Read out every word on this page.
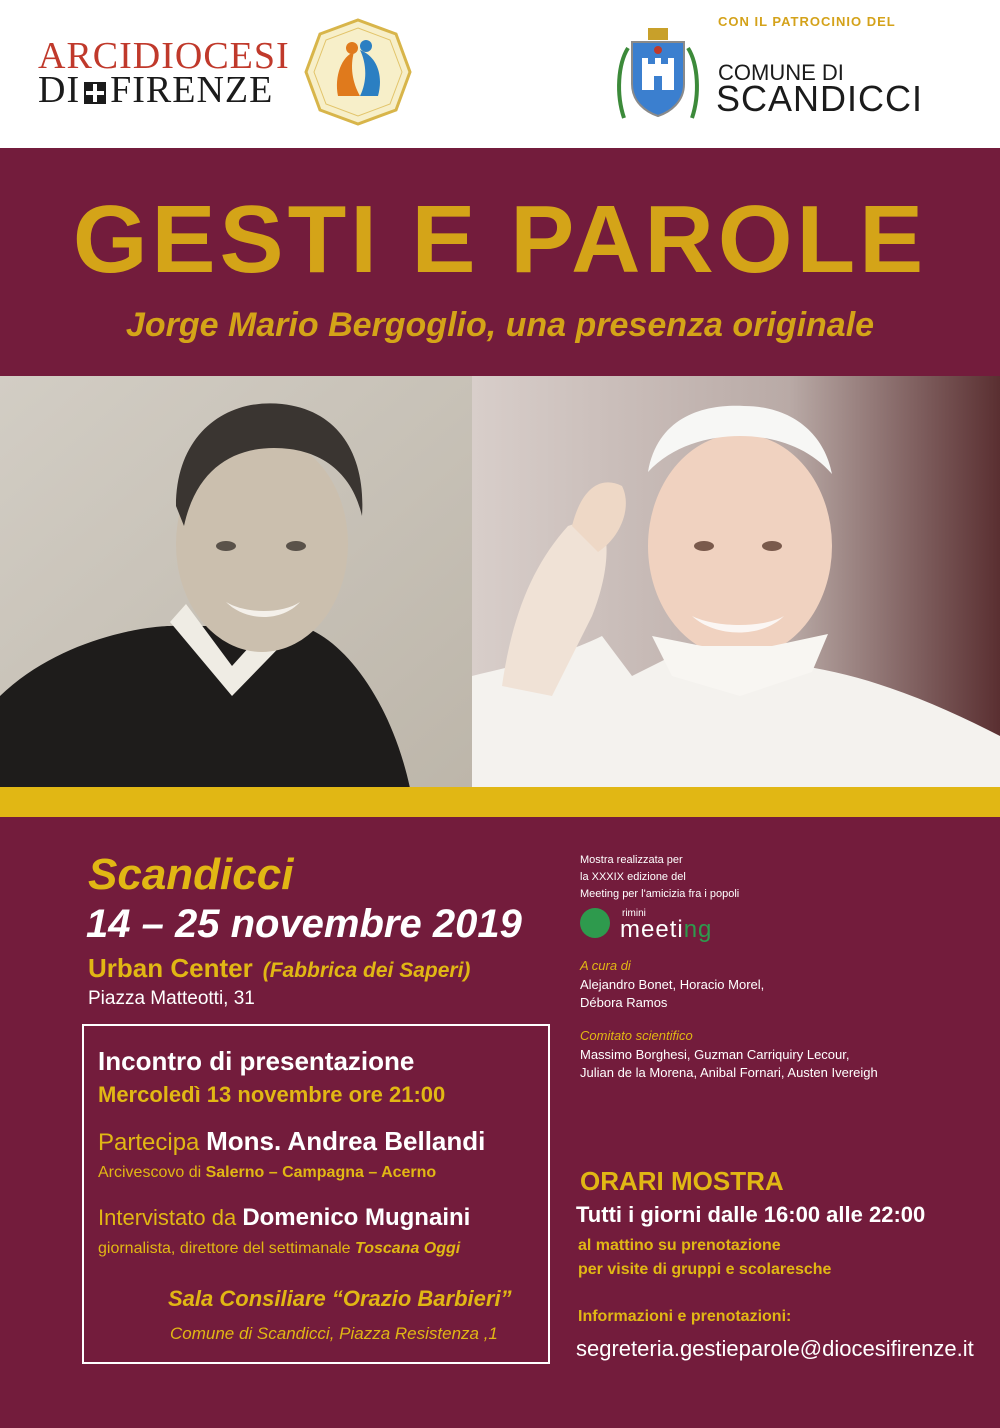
ARCIDIOCESI
DI FIRENZE
CON IL PATROCINIO DEL
COMUNE DI
SCANDICCI
GESTI E PAROLE
Jorge Mario Bergoglio, una presenza originale
Scandicci
14 – 25 novembre 2019
Urban Center (Fabbrica dei Saperi)
Piazza Matteotti, 31
Incontro di presentazione
Mercoledì 13 novembre ore 21:00
Partecipa Mons. Andrea Bellandi
Arcivescovo di Salerno – Campagna – Acerno
Intervistato da Domenico Mugnaini
giornalista, direttore del settimanale Toscana Oggi
Sala Consiliare “Orazio Barbieri”
Comune di Scandicci, Piazza Resistenza ,1
Mostra realizzata per
la XXXIX edizione del
Meeting per l'amicizia fra i popoli
rimini
meeting
A cura di
Alejandro Bonet, Horacio Morel,
Débora Ramos
Comitato scientifico
Massimo Borghesi, Guzman Carriquiry Lecour,
Julian de la Morena, Anibal Fornari, Austen Ivereigh
ORARI MOSTRA
Tutti i giorni dalle 16:00 alle 22:00
al mattino su prenotazione
per visite di gruppi e scolaresche
Informazioni e prenotazioni:
segreteria.gestieparole@diocesifirenze.it
